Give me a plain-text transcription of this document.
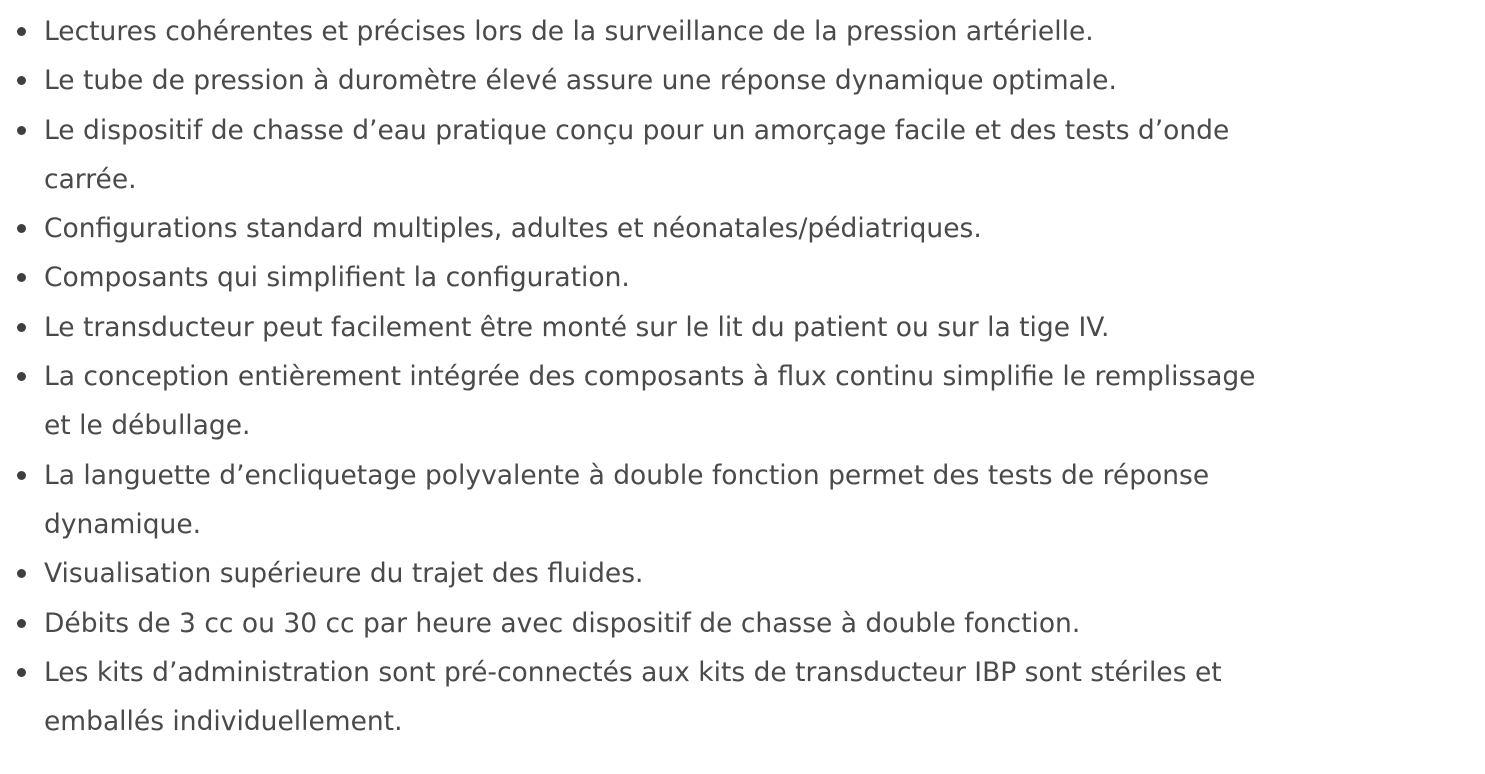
Lectures cohérentes et précises lors de la surveillance de la pression artérielle.
Le tube de pression à duromètre élevé assure une réponse dynamique optimale.
Le dispositif de chasse d’eau pratique conçu pour un amorçage facile et des tests d’onde
carrée.
Configurations standard multiples, adultes et néonatales/pédiatriques.
Composants qui simplifient la configuration.
Le transducteur peut facilement être monté sur le lit du patient ou sur la tige IV.
La conception entièrement intégrée des composants à flux continu simplifie le remplissage
et le débullage.
La languette d’encliquetage polyvalente à double fonction permet des tests de réponse
dynamique.
Visualisation supérieure du trajet des fluides.
Débits de 3 cc ou 30 cc par heure avec dispositif de chasse à double fonction.
Les kits d’administration sont pré-connectés aux kits de transducteur IBP sont stériles et
emballés individuellement.
